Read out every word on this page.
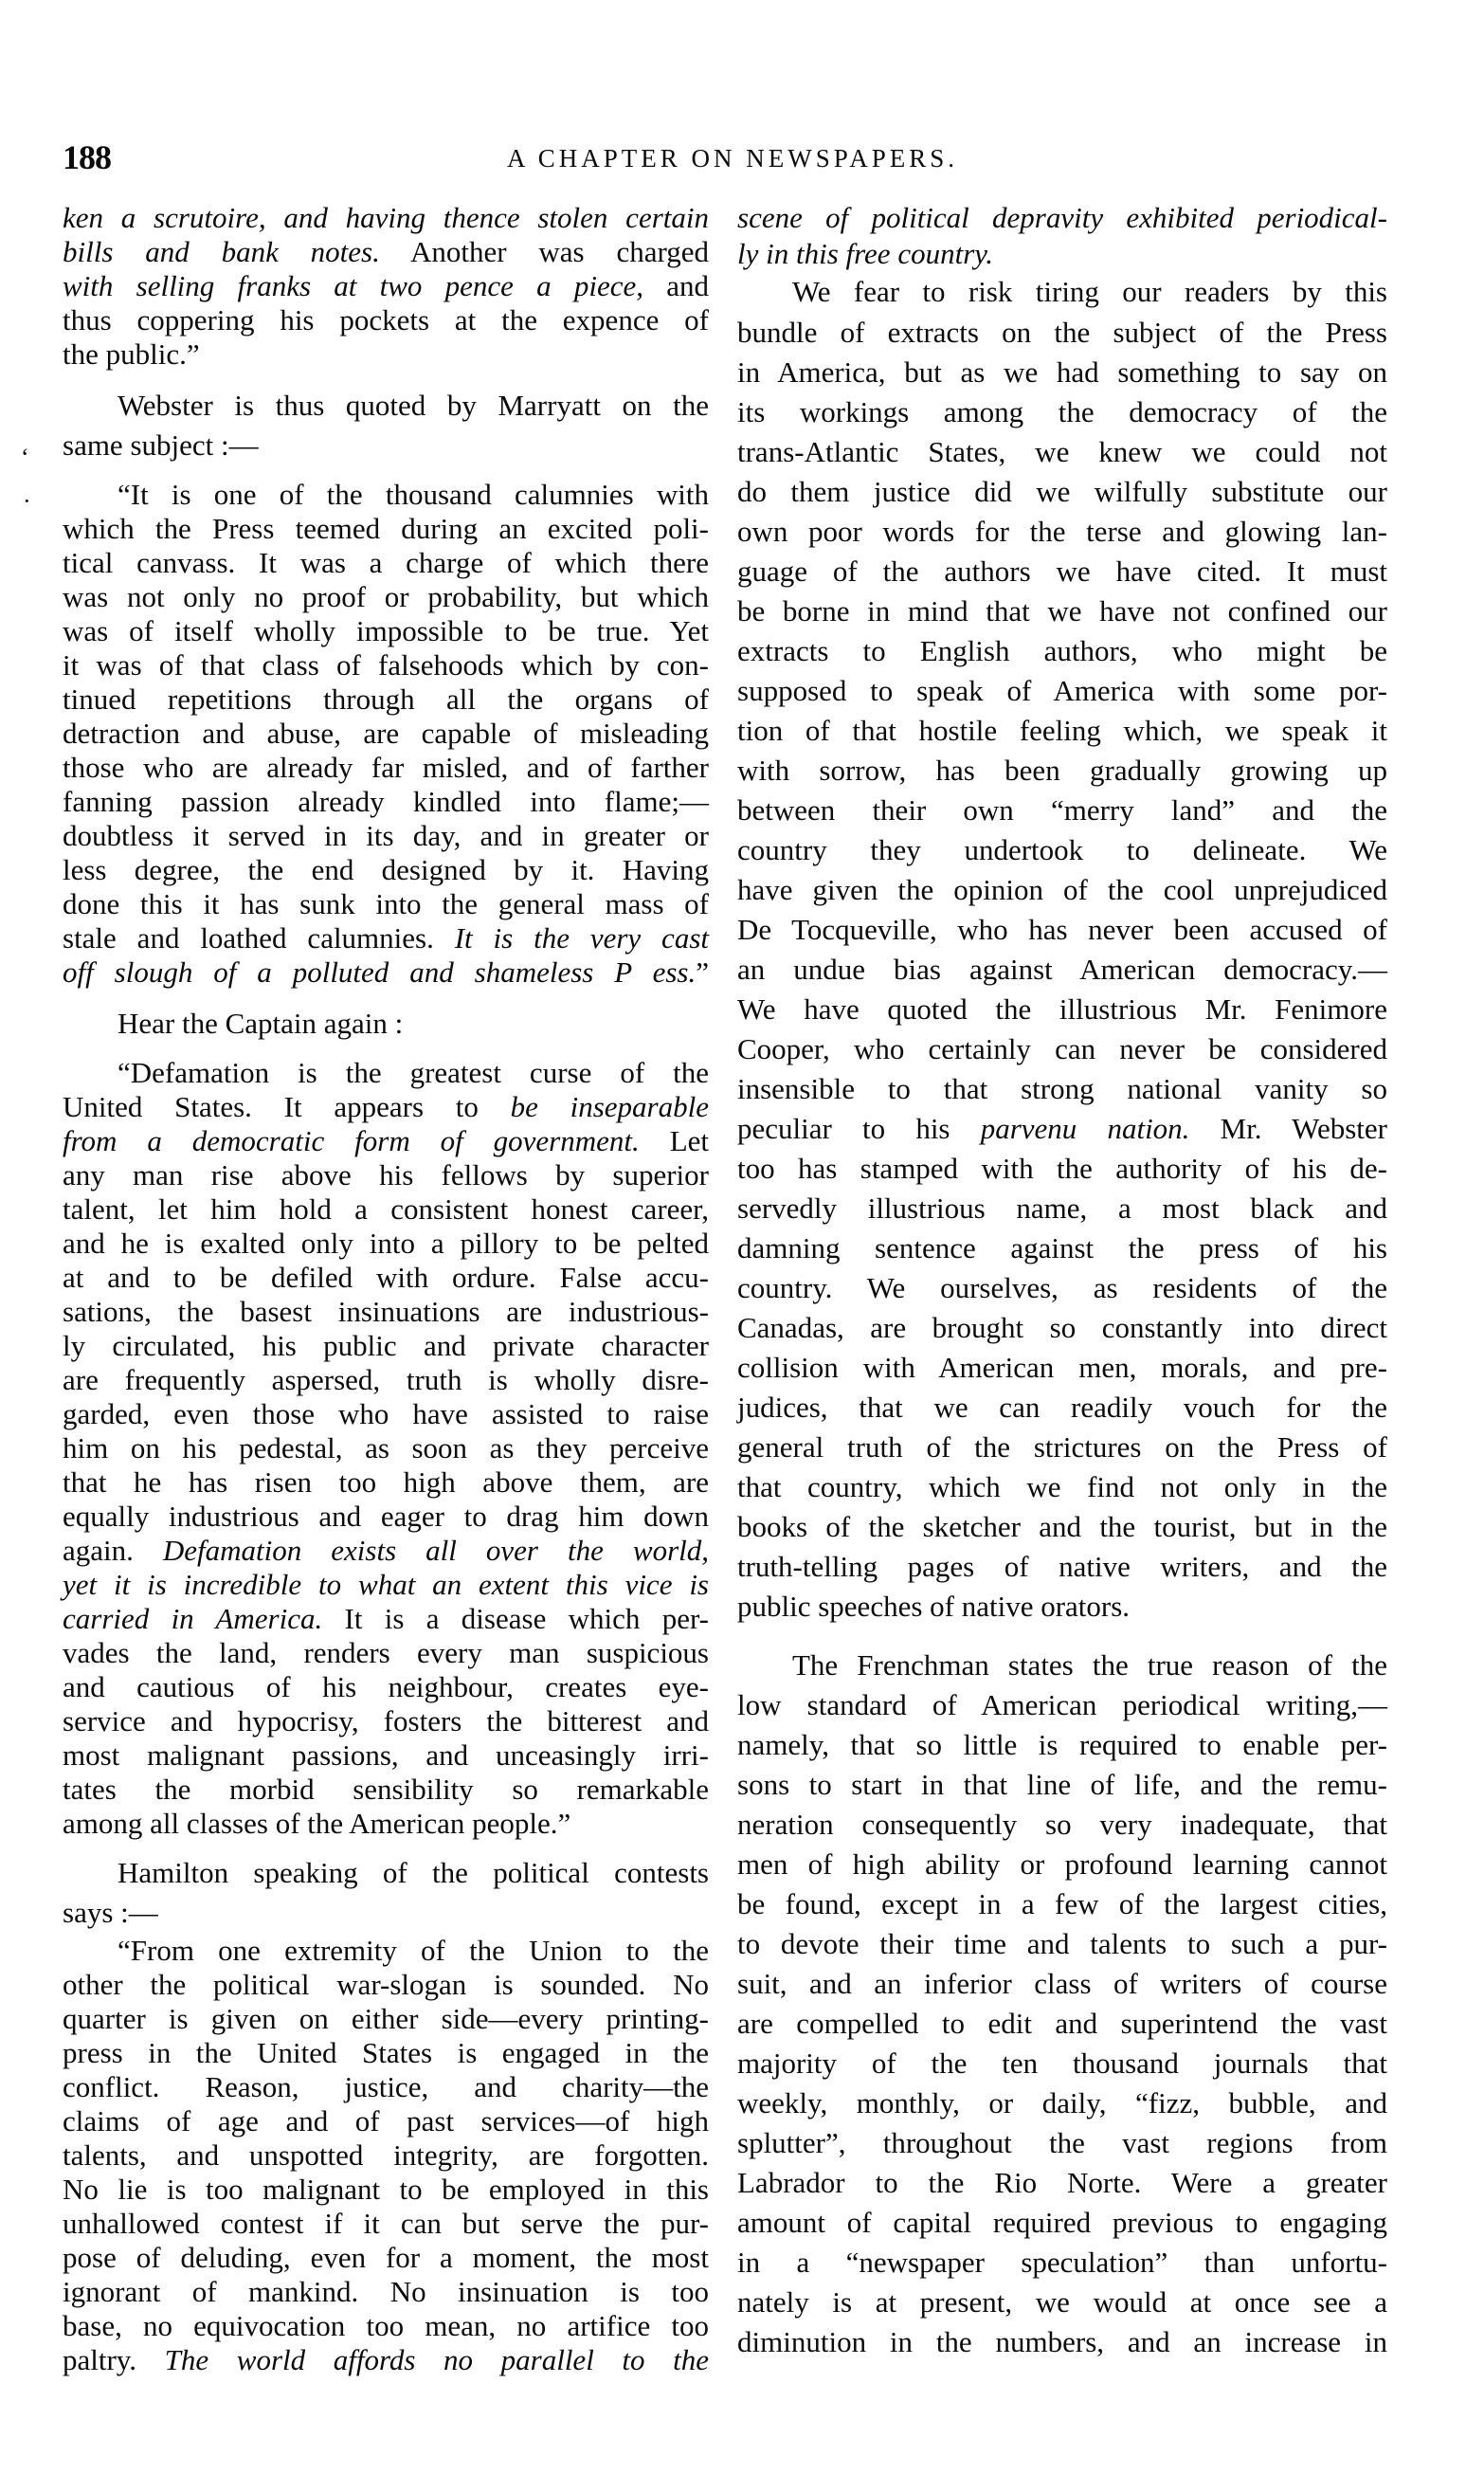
188	A CHAPTER ON NEWSPAPERS.
‘
·
ken a scrutoire, and having thence stolen certain
bills and bank notes. Another was charged
with selling franks at two pence a piece, and
thus coppering his pockets at the expence of
the public.”
Webster is thus quoted by Marryatt on the
same subject :—
“It is one of the thousand calumnies with
which the Press teemed during an excited poli-
tical canvass. It was a charge of which there
was not only no proof or probability, but which
was of itself wholly impossible to be true. Yet
it was of that class of falsehoods which by con-
tinued repetitions through all the organs of
detraction and abuse, are capable of misleading
those who are already far misled, and of farther
fanning passion already kindled into flame;—
doubtless it served in its day, and in greater or
less degree, the end designed by it. Having
done this it has sunk into the general mass of
stale and loathed calumnies. It is the very cast
off slough of a polluted and shameless P ess.”
Hear the Captain again :
“Defamation is the greatest curse of the
United States. It appears to be inseparable
from a democratic form of government. Let
any man rise above his fellows by superior
talent, let him hold a consistent honest career,
and he is exalted only into a pillory to be pelted
at and to be defiled with ordure. False accu-
sations, the basest insinuations are industrious-
ly circulated, his public and private character
are frequently aspersed, truth is wholly disre-
garded, even those who have assisted to raise
him on his pedestal, as soon as they perceive
that he has risen too high above them, are
equally industrious and eager to drag him down
again. Defamation exists all over the world,
yet it is incredible to what an extent this vice is
carried in America. It is a disease which per-
vades the land, renders every man suspicious
and cautious of his neighbour, creates eye-
service and hypocrisy, fosters the bitterest and
most malignant passions, and unceasingly irri-
tates the morbid sensibility so remarkable
among all classes of the American people.”
Hamilton speaking of the political contests
says :—
“From one extremity of the Union to the
other the political war-slogan is sounded. No
quarter is given on either side—every printing-
press in the United States is engaged in the
conflict. Reason, justice, and charity—the
claims of age and of past services—of high
talents, and unspotted integrity, are forgotten.
No lie is too malignant to be employed in this
unhallowed contest if it can but serve the pur-
pose of deluding, even for a moment, the most
ignorant of mankind. No insinuation is too
base, no equivocation too mean, no artifice too
paltry. The world affords no parallel to the
scene of political depravity exhibited periodical-
ly in this free country.
We fear to risk tiring our readers by this
bundle of extracts on the subject of the Press
in America, but as we had something to say on
its workings among the democracy of the
trans-Atlantic States, we knew we could not
do them justice did we wilfully substitute our
own poor words for the terse and glowing lan-
guage of the authors we have cited. It must
be borne in mind that we have not confined our
extracts to English authors, who might be
supposed to speak of America with some por-
tion of that hostile feeling which, we speak it
with sorrow, has been gradually growing up
between their own “merry land” and the
country they undertook to delineate. We
have given the opinion of the cool unprejudiced
De Tocqueville, who has never been accused of
an undue bias against American democracy.—
We have quoted the illustrious Mr. Fenimore
Cooper, who certainly can never be considered
insensible to that strong national vanity so
peculiar to his parvenu nation. Mr. Webster
too has stamped with the authority of his de-
servedly illustrious name, a most black and
damning sentence against the press of his
country. We ourselves, as residents of the
Canadas, are brought so constantly into direct
collision with American men, morals, and pre-
judices, that we can readily vouch for the
general truth of the strictures on the Press of
that country, which we find not only in the
books of the sketcher and the tourist, but in the
truth-telling pages of native writers, and the
public speeches of native orators.
The Frenchman states the true reason of the
low standard of American periodical writing,—
namely, that so little is required to enable per-
sons to start in that line of life, and the remu-
neration consequently so very inadequate, that
men of high ability or profound learning cannot
be found, except in a few of the largest cities,
to devote their time and talents to such a pur-
suit, and an inferior class of writers of course
are compelled to edit and superintend the vast
majority of the ten thousand journals that
weekly, monthly, or daily, “fizz, bubble, and
splutter”, throughout the vast regions from
Labrador to the Rio Norte. Were a greater
amount of capital required previous to engaging
in a “newspaper speculation” than unfortu-
nately is at present, we would at once see a
diminution in the numbers, and an increase in
